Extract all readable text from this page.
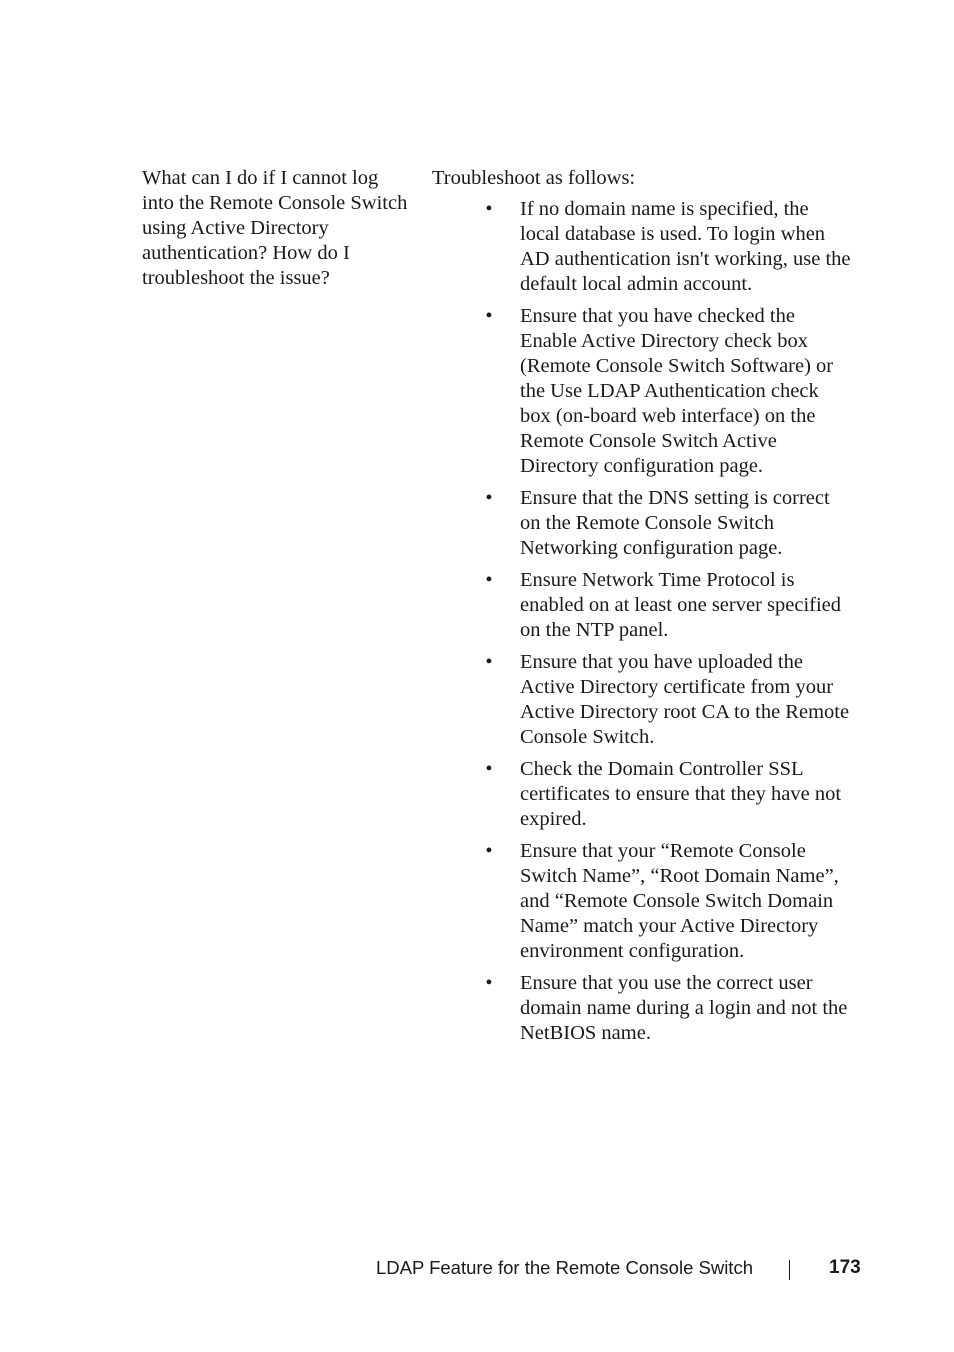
What can I do if I cannot log into the Remote Console Switch using Active Directory authentication? How do I troubleshoot the issue?

Troubleshoot as follows:

• If no domain name is specified, the local database is used. To login when AD authentication isn't working, use the default local admin account.
• Ensure that you have checked the Enable Active Directory check box (Remote Console Switch Software) or the Use LDAP Authentication check box (on-board web interface) on the Remote Console Switch Active Directory configuration page.
• Ensure that the DNS setting is correct on the Remote Console Switch Networking configuration page.
• Ensure Network Time Protocol is enabled on at least one server specified on the NTP panel.
• Ensure that you have uploaded the Active Directory certificate from your Active Directory root CA to the Remote Console Switch.
• Check the Domain Controller SSL certificates to ensure that they have not expired.
• Ensure that your “Remote Console Switch Name”, “Root Domain Name”, and “Remote Console Switch Domain Name” match your Active Directory environment configuration.
• Ensure that you use the correct user domain name during a login and not the NetBIOS name.
LDAP Feature for the Remote Console Switch	173
